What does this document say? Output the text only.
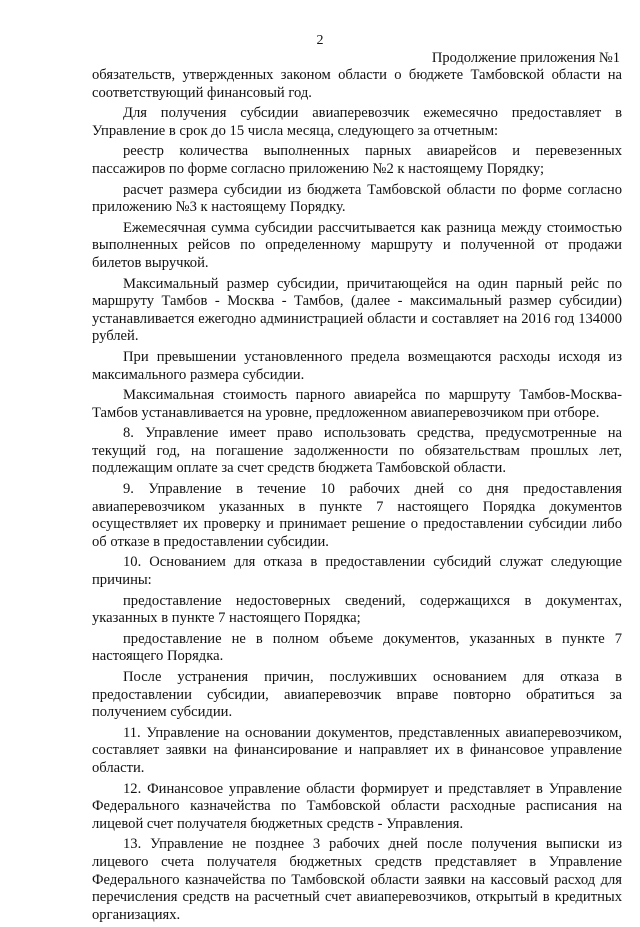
2
Продолжение приложения №1

обязательств, утвержденных законом области о бюджете Тамбовской области на соответствующий финансовый год.

Для получения субсидии авиаперевозчик ежемесячно предоставляет в Управление в срок до 15 числа месяца, следующего за отчетным:

реестр количества выполненных парных авиарейсов и перевезенных пассажиров по форме согласно приложению №2 к настоящему Порядку;

расчет размера субсидии из бюджета Тамбовской области по форме согласно приложению №3 к настоящему Порядку.

Ежемесячная сумма субсидии рассчитывается как разница между стоимостью выполненных рейсов по определенному маршруту и полученной от продажи билетов выручкой.

Максимальный размер субсидии, причитающейся на один парный рейс по маршруту Тамбов - Москва - Тамбов, (далее - максимальный размер субсидии) устанавливается ежегодно администрацией области и составляет на 2016 год 134000 рублей.

При превышении установленного предела возмещаются расходы исходя из максимального размера субсидии.

Максимальная стоимость парного авиарейса по маршруту Тамбов-Москва-Тамбов устанавливается на уровне, предложенном авиаперевозчиком при отборе.

8. Управление имеет право использовать средства, предусмотренные на текущий год, на погашение задолженности по обязательствам прошлых лет, подлежащим оплате за счет средств бюджета Тамбовской области.

9. Управление в течение 10 рабочих дней со дня предоставления авиаперевозчиком указанных в пункте 7 настоящего Порядка документов осуществляет их проверку и принимает решение о предоставлении субсидии либо об отказе в предоставлении субсидии.

10. Основанием для отказа в предоставлении субсидий служат следующие причины:

предоставление недостоверных сведений, содержащихся в документах, указанных в пункте 7 настоящего Порядка;

предоставление не в полном объеме документов, указанных в пункте 7 настоящего Порядка.

После устранения причин, послуживших основанием для отказа в предоставлении субсидии, авиаперевозчик вправе повторно обратиться за получением субсидии.

11. Управление на основании документов, представленных авиаперевозчиком, составляет заявки на финансирование и направляет их в финансовое управление области.

12. Финансовое управление области формирует и представляет в Управление Федерального казначейства по Тамбовской области расходные расписания на лицевой счет получателя бюджетных средств - Управления.

13. Управление не позднее 3 рабочих дней после получения выписки из лицевого счета получателя бюджетных средств представляет в Управление Федерального казначейства по Тамбовской области заявки на кассовый расход для перечисления средств на расчетный счет авиаперевозчиков, открытый в кредитных организациях.
